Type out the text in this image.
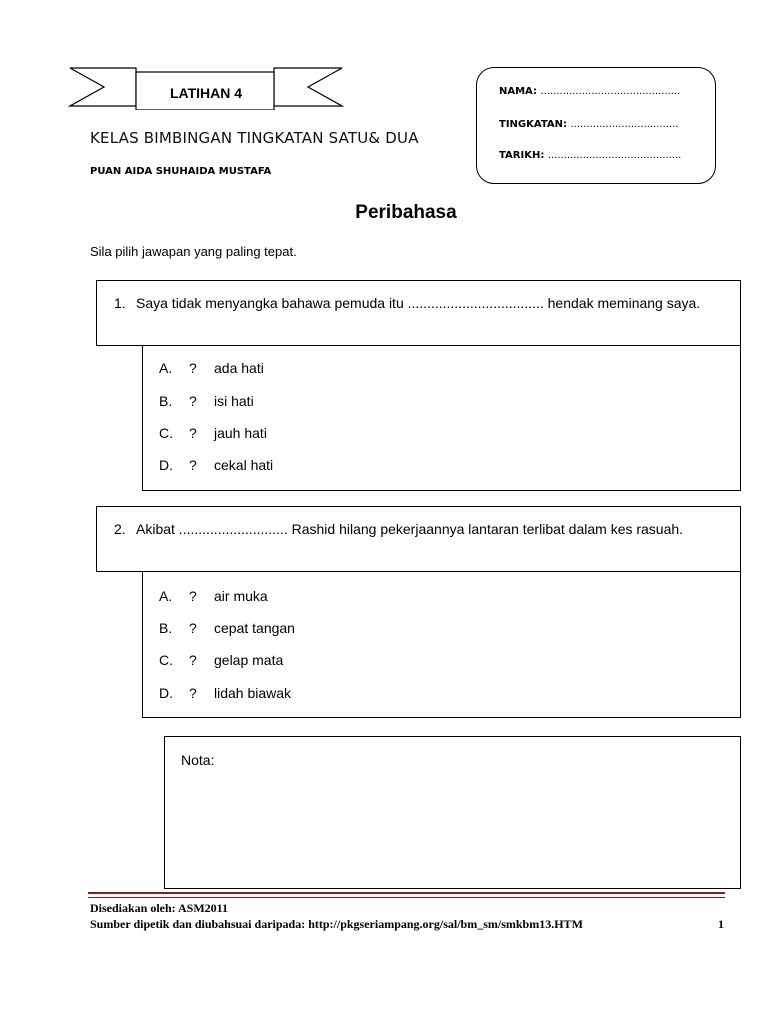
LATIHAN 4
KELAS BIMBINGAN TINGKATAN SATU& DUA
PUAN AIDA SHUHAIDA MUSTAFA
NAMA: ............................................
TINGKATAN: ..................................
TARIKH: ..........................................
Peribahasa
Sila pilih jawapan yang paling tepat.
1. Saya tidak menyangka bahawa pemuda itu ................................... hendak meminang saya.
A. ? ada hati
B. ? isi hati
C. ? jauh hati
D. ? cekal hati
2. Akibat ............................ Rashid hilang pekerjaannya lantaran terlibat dalam kes rasuah.
A. ? air muka
B. ? cepat tangan
C. ? gelap mata
D. ? lidah biawak
Nota:
Disediakan oleh: ASM2011
Sumber dipetik dan diubahsuai daripada: http://pkgseriampang.org/sal/bm_sm/smkbm13.HTM	1
